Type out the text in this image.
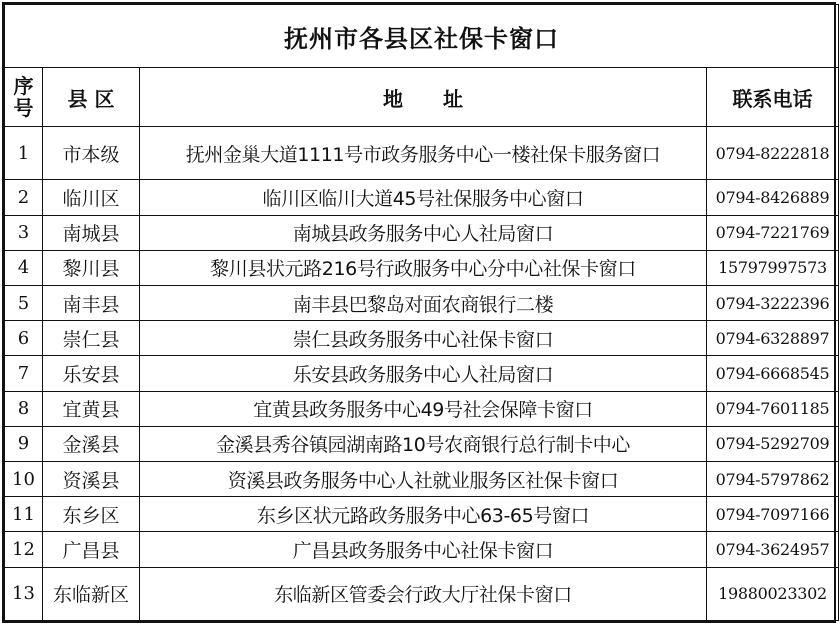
抚州市各县区社保卡窗口			

序
号	县 区	地址	联系电话
1	市本级	抚州金巢大道1111号市政务服务中心一楼社保卡服务窗口	0794-8222818
2	临川区	临川区临川大道45号社保服务中心窗口	0794-8426889
3	南城县	南城县政务服务中心人社局窗口	0794-7221769
4	黎川县	黎川县状元路216号行政服务中心分中心社保卡窗口	15797997573
5	南丰县	南丰县巴黎岛对面农商银行二楼	0794-3222396
6	崇仁县	崇仁县政务服务中心社保卡窗口	0794-6328897
7	乐安县	乐安县政务服务中心人社局窗口	0794-6668545
8	宜黄县	宜黄县政务服务中心49号社会保障卡窗口	0794-7601185
9	金溪县	金溪县秀谷镇园湖南路10号农商银行总行制卡中心	0794-5292709
10	资溪县	资溪县政务服务中心人社就业服务区社保卡窗口	0794-5797862
11	东乡区	东乡区状元路政务服务中心63-65号窗口	0794-7097166
12	广昌县	广昌县政务服务中心社保卡窗口	0794-3624957
13	东临新区	东临新区管委会行政大厅社保卡窗口	19880023302
